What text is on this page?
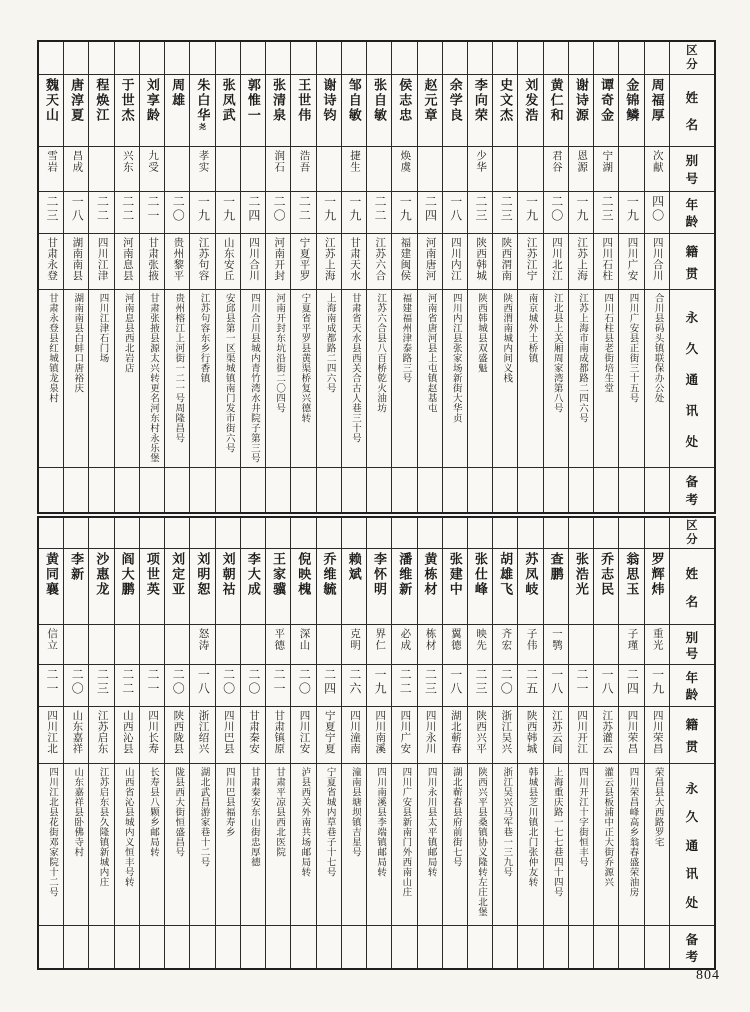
魏天山
雪岩
二三
甘肃永登
甘肃永登县红城镇龙泉村
唐淳夏
昌成
一八
湖南南县
湖南南县白蚌口唐裕庆
程焕江
二二
四川江津
四川江津石门场
于世杰
兴东
二二
河南息县
河南息县西北岩店
刘享龄
九受
二一
甘肃张掖
甘肃张掖县源太兴转更名河东村永乐堡
周雄
二〇
贵州黎平
贵州榕江上河街一二一号周隆昌号
朱白华尧
孝实
一九
江苏句容
江苏句容东乡行香镇
张凤武
一九
山东安丘
安邱县第一区渠城镇南门发市街六号
郭惟一
二四
四川合川
四川合川县城内青竹湾水井院子第三号
张清泉
润石
二〇
河南开封
河南开封东坑沿街二〇四号
王世伟
浩吾
二二
宁夏平罗
宁夏省平罗县黄渠桥复兴德转
谢诗钧
一九
江苏上海
上海南成都路二四六号
邹自敏
捷生
一九
甘肃天水
甘肃省天水县西关合古人巷三十号
张自敏
二二
江苏六合
江苏六合县八百桥乾火油坊
侯志忠
焕虞
一九
福建闽侯
福建福州津泰路三号
赵元章
二四
河南唐河
河南省唐河县上屯镇赵基屯
余学良
一八
四川内江
四川内江县张家场新街大华贞
李向荣
少华
二三
陕西韩城
陕西韩城县双盛魁
史文杰
二三
陕西渭南
陕西渭南城内间义栈
刘发浩
一九
江苏江宁
南京城外土桥镇
黄仁和
君谷
二〇
四川北江
江北县上关厢周家湾第八号
谢诗源
恩源
一九
江苏上海
江苏上海市南成都路二四六号
谭奇金
宁湖
二三
四川石柱
四川石柱县老街培生堂
金锦鳞
一九
四川广安
四川广安县正街三十五号
周福厚
次献
四〇
四川合川
合川县码头镇联保办公处
区
分
姓
名
别
号
年
龄
籍
贯
永
久
通
讯
处
备
考
黄同襄
信立
二一
四川江北
四川江北县花街邓家院十二号
李新
二〇
山东嘉祥
山东嘉祥县卧佛寺村
沙惠龙
二三
江苏启东
江苏启东县久隆镇新城内庄
阎大鹏
二二
山西沁县
山西省沁县城内义恒丰号转
项世英
二一
四川长寿
长寿县八颗乡邮局转
刘定亚
二〇
陕西陇县
陇县西大街恒盛昌号
刘明恕
怒涛
一八
浙江绍兴
湖北武昌游家巷十二号
刘朝祜
二〇
四川巴县
四川巴县福寿乡
李大成
二〇
甘肃秦安
甘肃秦安东山街忠厚德
王家骥
平德
二一
甘肃镇原
甘肃平凉县西北医院
倪映槐
深山
二〇
四川江安
泸县西关外南共场邮局转
乔维毓
二四
宁夏宁夏
宁夏省城内草巷子十七号
赖斌
克明
二六
四川潼南
潼南县塘坝镇吉星号
李怀明
界仁
一九
四川南溪
四川南溪县李端镇邮局转
潘维新
必成
二二
四川广安
四川广安县新南门外西南山庄
黄栋材
栋材
二三
四川永川
四川永川县太平镇邮局转
张建中
翼德
一八
湖北蕲春
湖北蕲春县府前街七号
张仕峰
映先
二三
陕西兴平
陕西兴平县桑镇协义隆转左庄北堡
胡雄飞
齐宏
二〇
浙江吴兴
浙江吴兴马军巷一三九号
苏凤岐
子伟
二五
陕西韩城
韩城县芝川镇北门张仲友转
查鹏
一鹗
一八
江苏云间
上海重庆路一七七巷四十四号
张浩光
二一
四川开江
四川开江十字街恒丰号
乔志民
一八
江苏灌云
灌云县板浦中正大街乔源兴
翁思玉
子瑾
二四
四川荣昌
四川荣昌峰高乡翁春盛荣油房
罗辉炜
重光
一九
四川荣昌
荣昌县大西路罗宅
区
分
姓
名
别
号
年
龄
籍
贯
永
久
通
讯
处
备
考
804
